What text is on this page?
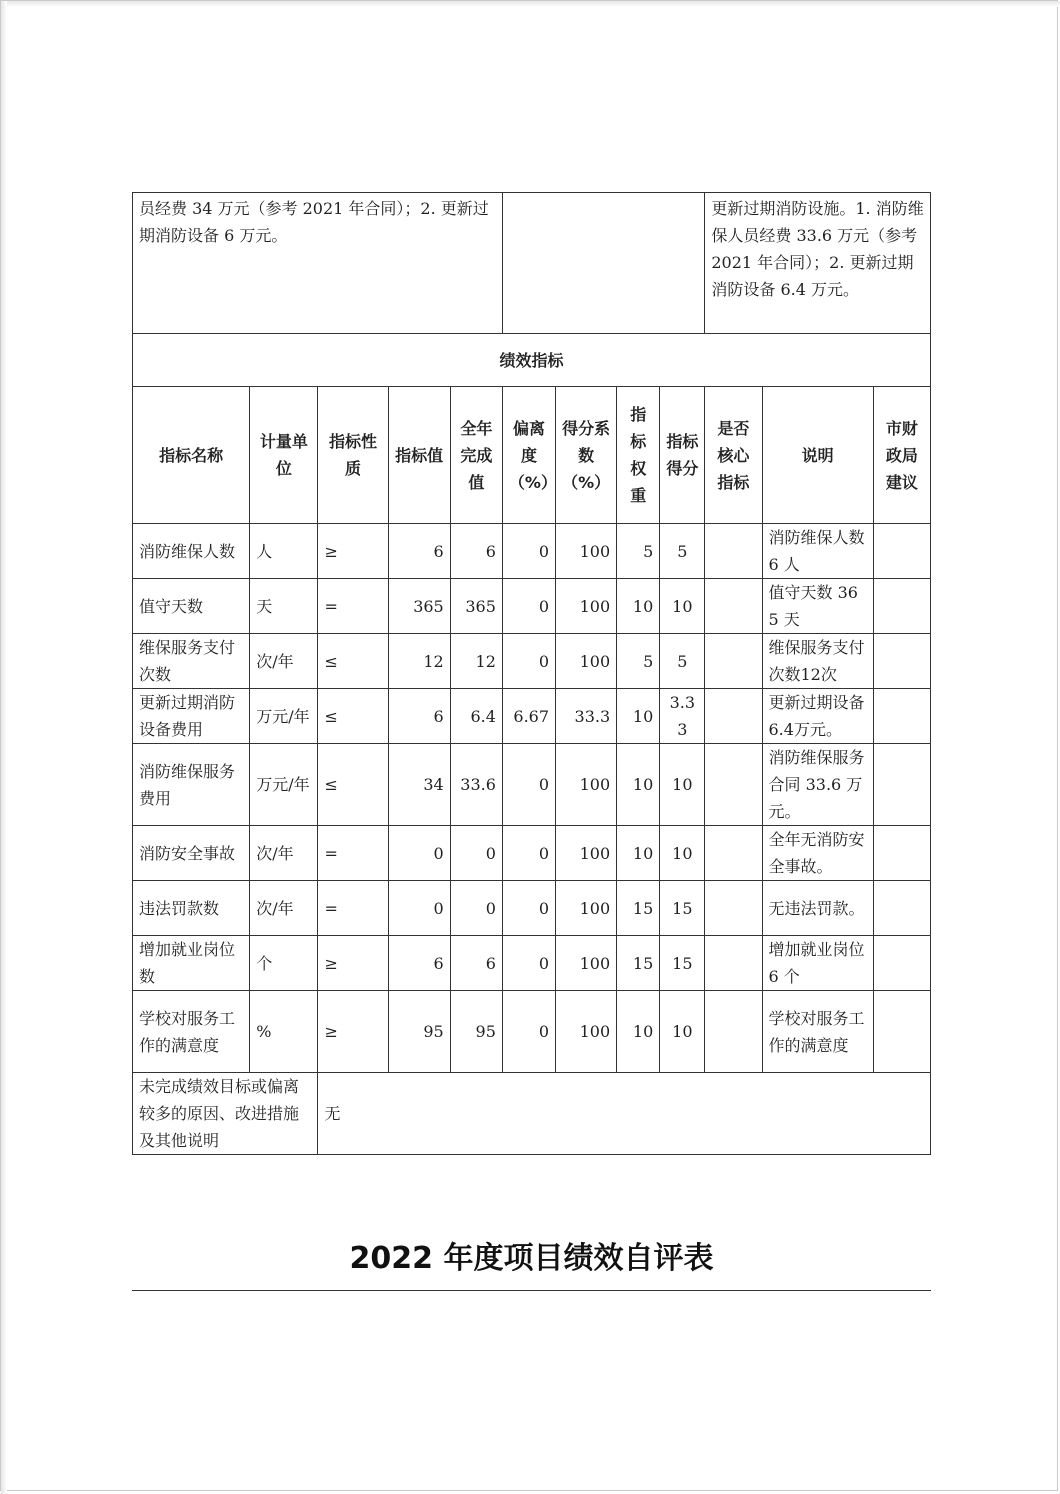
员经费 34 万元（参考 2021 年合同）；2. 更新过期消防设备 6 万元。									更新过期消防设施。1. 消防维保人员经费 33.6 万元（参考 2021 年合同）；2. 更新过期消防设备 6.4 万元。		
绩效指标											
指标名称	计量单位	指标性质	指标值	全年完成值	偏离度（%）	得分系数（%）	指标权重	指标得分	是否核心指标	说明	市财政局建议
消防维保人数	人	≥	6	6	0	100	5	5		消防维保人数 6 人	
值守天数	天	=	365	365	0	100	10	10		值守天数 365 天	
维保服务支付次数	次/年	≤	12	12	0	100	5	5		维保服务支付次数12次	
更新过期消防设备费用	万元/年	≤	6	6.4	6.67	33.3	10	3.33		更新过期设备6.4万元。	
消防维保服务费用	万元/年	≤	34	33.6	0	100	10	10		消防维保服务合同 33.6 万元。	
消防安全事故	次/年	=	0	0	0	100	10	10		全年无消防安全事故。	
违法罚款数	次/年	=	0	0	0	100	15	15		无违法罚款。	
增加就业岗位数	个	≥	6	6	0	100	15	15		增加就业岗位 6 个	
学校对服务工作的满意度	%	≥	95	95	0	100	10	10		学校对服务工作的满意度	
未完成绩效目标或偏离较多的原因、改进措施及其他说明		无									
2022 年度项目绩效自评表
